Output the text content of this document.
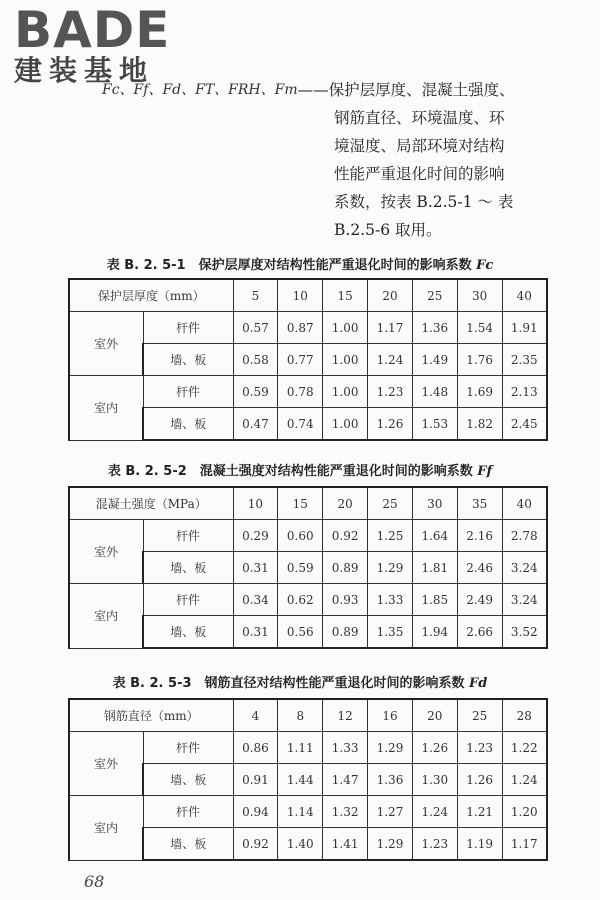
BADE
建装基地
Fc、Ff、Fd、FT、FRH、Fm ——保护层厚度、混凝土强度、
钢筋直径、环境温度、环
境湿度、局部环境对结构
性能严重退化时间的影响
系数，按表 B.2.5-1 ～ 表
B.2.5-6 取用。
表 B. 2. 5-1　保护层厚度对结构性能严重退化时间的影响系数 Fc
保护层厚度（mm）		5	10	15	20	25	30	40
室外	杆件	0.57	0.87	1.00	1.17	1.36	1.54	1.91
	墙、板	0.58	0.77	1.00	1.24	1.49	1.76	2.35
室内	杆件	0.59	0.78	1.00	1.23	1.48	1.69	2.13
	墙、板	0.47	0.74	1.00	1.26	1.53	1.82	2.45
表 B. 2. 5-2　混凝土强度对结构性能严重退化时间的影响系数 Ff
混凝土强度（MPa）		10	15	20	25	30	35	40
室外	杆件	0.29	0.60	0.92	1.25	1.64	2.16	2.78
	墙、板	0.31	0.59	0.89	1.29	1.81	2.46	3.24
室内	杆件	0.34	0.62	0.93	1.33	1.85	2.49	3.24
	墙、板	0.31	0.56	0.89	1.35	1.94	2.66	3.52
表 B. 2. 5-3　钢筋直径对结构性能严重退化时间的影响系数 Fd
钢筋直径（mm）		4	8	12	16	20	25	28
室外	杆件	0.86	1.11	1.33	1.29	1.26	1.23	1.22
	墙、板	0.91	1.44	1.47	1.36	1.30	1.26	1.24
室内	杆件	0.94	1.14	1.32	1.27	1.24	1.21	1.20
	墙、板	0.92	1.40	1.41	1.29	1.23	1.19	1.17
68
